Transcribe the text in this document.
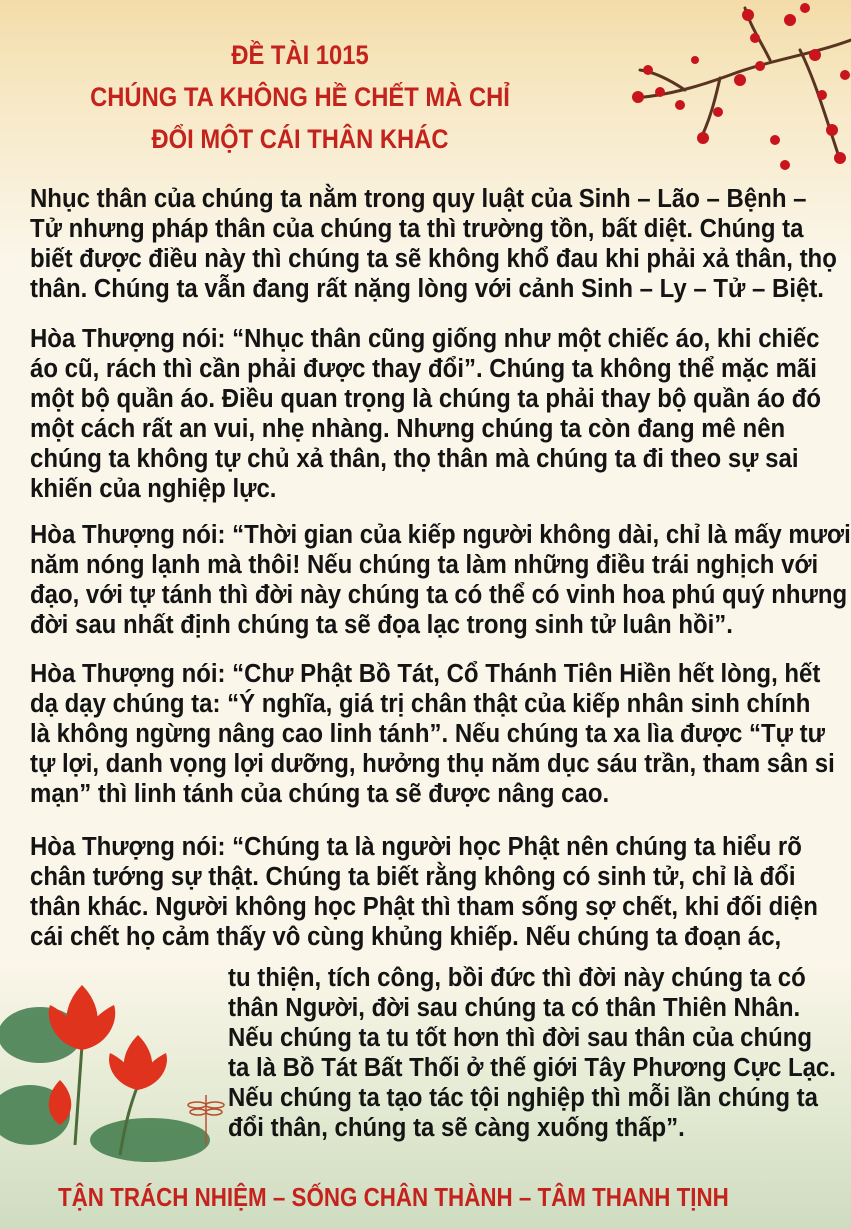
ĐỀ TÀI 1015
CHÚNG TA KHÔNG HỀ CHẾT MÀ CHỈ
ĐỔI MỘT CÁI THÂN KHÁC
Nhục thân của chúng ta nằm trong quy luật của Sinh – Lão – Bệnh –
Tử nhưng pháp thân của chúng ta thì trường tồn, bất diệt. Chúng ta
biết được điều này thì chúng ta sẽ không khổ đau khi phải xả thân, thọ
thân. Chúng ta vẫn đang rất nặng lòng với cảnh Sinh – Ly – Tử – Biệt.
Hòa Thượng nói: “Nhục thân cũng giống như một chiếc áo, khi chiếc
áo cũ, rách thì cần phải được thay đổi”. Chúng ta không thể mặc mãi
một bộ quần áo. Điều quan trọng là chúng ta phải thay bộ quần áo đó
một cách rất an vui, nhẹ nhàng. Nhưng chúng ta còn đang mê nên
chúng ta không tự chủ xả thân, thọ thân mà chúng ta đi theo sự sai
khiến của nghiệp lực.
Hòa Thượng nói: “Thời gian của kiếp người không dài, chỉ là mấy mươi
năm nóng lạnh mà thôi! Nếu chúng ta làm những điều trái nghịch với
đạo, với tự tánh thì đời này chúng ta có thể có vinh hoa phú quý nhưng
đời sau nhất định chúng ta sẽ đọa lạc trong sinh tử luân hồi”.
Hòa Thượng nói: “Chư Phật Bồ Tát, Cổ Thánh Tiên Hiền hết lòng, hết
dạ dạy chúng ta: “Ý nghĩa, giá trị chân thật của kiếp nhân sinh chính
là không ngừng nâng cao linh tánh”. Nếu chúng ta xa lìa được “Tự tư
tự lợi, danh vọng lợi dưỡng, hưởng thụ năm dục sáu trần, tham sân si
mạn” thì linh tánh của chúng ta sẽ được nâng cao.
Hòa Thượng nói: “Chúng ta là người học Phật nên chúng ta hiểu rõ
chân tướng sự thật. Chúng ta biết rằng không có sinh tử, chỉ là đổi
thân khác. Người không học Phật thì tham sống sợ chết, khi đối diện
cái chết họ cảm thấy vô cùng khủng khiếp. Nếu chúng ta đoạn ác,
tu thiện, tích công, bồi đức thì đời này chúng ta có
thân Người, đời sau chúng ta có thân Thiên Nhân.
Nếu chúng ta tu tốt hơn thì đời sau thân của chúng
ta là Bồ Tát Bất Thối ở thế giới Tây Phương Cực Lạc.
Nếu chúng ta tạo tác tội nghiệp thì mỗi lần chúng ta
đổi thân, chúng ta sẽ càng xuống thấp”.
TẬN TRÁCH NHIỆM – SỐNG CHÂN THÀNH – TÂM THANH TỊNH
